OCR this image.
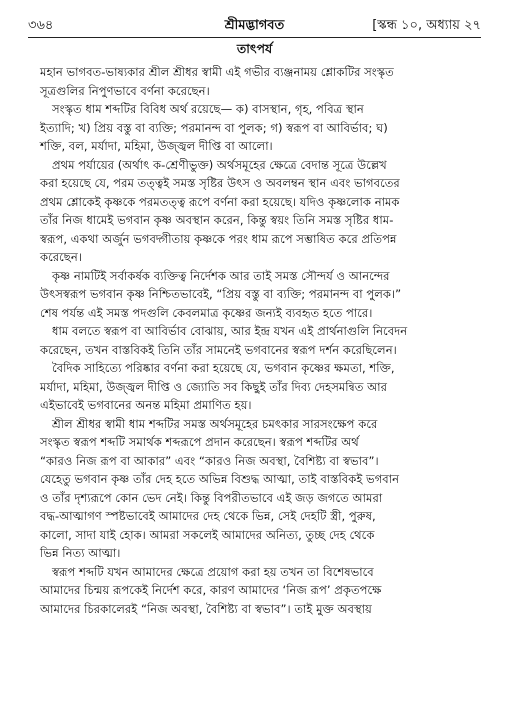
৩৬৪	শ্রীমদ্ভাগবত	[স্কন্ধ ১০, অধ্যায় ২৭
তাৎপর্য

মহান ভাগবত-ভাষ্যকার শ্রীল শ্রীধর স্বামী এই গভীর ব্যঞ্জনাময় শ্লোকটির সংস্কৃত
সূত্রগুলির নিপুণভাবে বর্ণনা করেছেন।

সংস্কৃত ধাম শব্দটির বিবিধ অর্থ রয়েছে— ক) বাসস্থান, গৃহ, পবিত্র স্থান
ইত্যাদি; খ) প্রিয় বস্তু বা ব্যক্তি; পরমানন্দ বা পুলক; গ) স্বরূপ বা আবির্ভাব; ঘ)
শক্তি, বল, মর্যাদা, মহিমা, উজ্জ্বল দীপ্তি বা আলো।

প্রথম পর্যায়ের (অর্থাৎ ক-শ্রেণীভুক্ত) অর্থসমূহের ক্ষেত্রে বেদান্ত সূত্রে উল্লেখ
করা হয়েছে যে, পরম তত্ত্বই সমস্ত সৃষ্টির উৎস ও অবলম্বন স্থান এবং ভাগবতের
প্রথম শ্লোকেই কৃষ্ণকে পরমতত্ত্ব রূপে বর্ণনা করা হয়েছে। যদিও কৃষ্ণলোক নামক
তাঁর নিজ ধামেই ভগবান কৃষ্ণ অবস্থান করেন, কিন্তু স্বয়ং তিনি সমস্ত সৃষ্টির ধাম-
স্বরূপ, একথা অর্জুন ভগবদ্গীতায় কৃষ্ণকে পরং ধাম রূপে সম্ভাষিত করে প্রতিপন্ন
করেছেন।

কৃষ্ণ নামটিই সর্বাকর্ষক ব্যক্তিত্ব নির্দেশক আর তাই সমস্ত সৌন্দর্য ও আনন্দের
উৎসস্বরূপ ভগবান কৃষ্ণ নিশ্চিতভাবেই, “প্রিয় বস্তু বা ব্যক্তি; পরমানন্দ বা পুলক।”
শেষ পর্যন্ত এই সমস্ত পদগুলি কেবলমাত্র কৃষ্ণের জন্যই ব্যবহৃত হতে পারে।

ধাম বলতে স্বরূপ বা আবির্ভাব বোঝায়, আর ইন্দ্র যখন এই প্রার্থনাগুলি নিবেদন
করেছেন, তখন বাস্তবিকই তিনি তাঁর সামনেই ভগবানের স্বরূপ দর্শন করেছিলেন।

বৈদিক সাহিত্যে পরিষ্কার বর্ণনা করা হয়েছে যে, ভগবান কৃষ্ণের ক্ষমতা, শক্তি,
মর্যাদা, মহিমা, উজ্জ্বল দীপ্তি ও জ্যোতি সব কিছুই তাঁর দিব্য দেহসমন্বিত আর
এইভাবেই ভগবানের অনন্ত মহিমা প্রমাণিত হয়।

শ্রীল শ্রীধর স্বামী ধাম শব্দটির সমস্ত অর্থসমূহের চমৎকার সারসংক্ষেপ করে
সংস্কৃত স্বরূপ শব্দটি সমার্থক শব্দরূপে প্রদান করেছেন। স্বরূপ শব্দটির অর্থ
“কারও নিজ রূপ বা আকার” এবং “কারও নিজ অবস্থা, বৈশিষ্ট্য বা স্বভাব”।
যেহেতু ভগবান কৃষ্ণ তাঁর দেহ হতে অভিন্ন বিশুদ্ধ আত্মা, তাই বাস্তবিকই ভগবান
ও তাঁর দৃশ্যরূপে কোন ভেদ নেই। কিন্তু বিপরীতভাবে এই জড় জগতে আমরা
বদ্ধ-আত্মাগণ স্পষ্টভাবেই আমাদের দেহ থেকে ভিন্ন, সেই দেহটি স্ত্রী, পুরুষ,
কালো, সাদা যাই হোক। আমরা সকলেই আমাদের অনিত্য, তুচ্ছ দেহ থেকে
ভিন্ন নিত্য আত্মা।

স্বরূপ শব্দটি যখন আমাদের ক্ষেত্রে প্রয়োগ করা হয় তখন তা বিশেষভাবে
আমাদের চিন্ময় রূপকেই নির্দেশ করে, কারণ আমাদের ‘নিজ রূপ’ প্রকৃতপক্ষে
আমাদের চিরকালেরই “নিজ অবস্থা, বৈশিষ্ট্য বা স্বভাব”। তাই মুক্ত অবস্থায়
